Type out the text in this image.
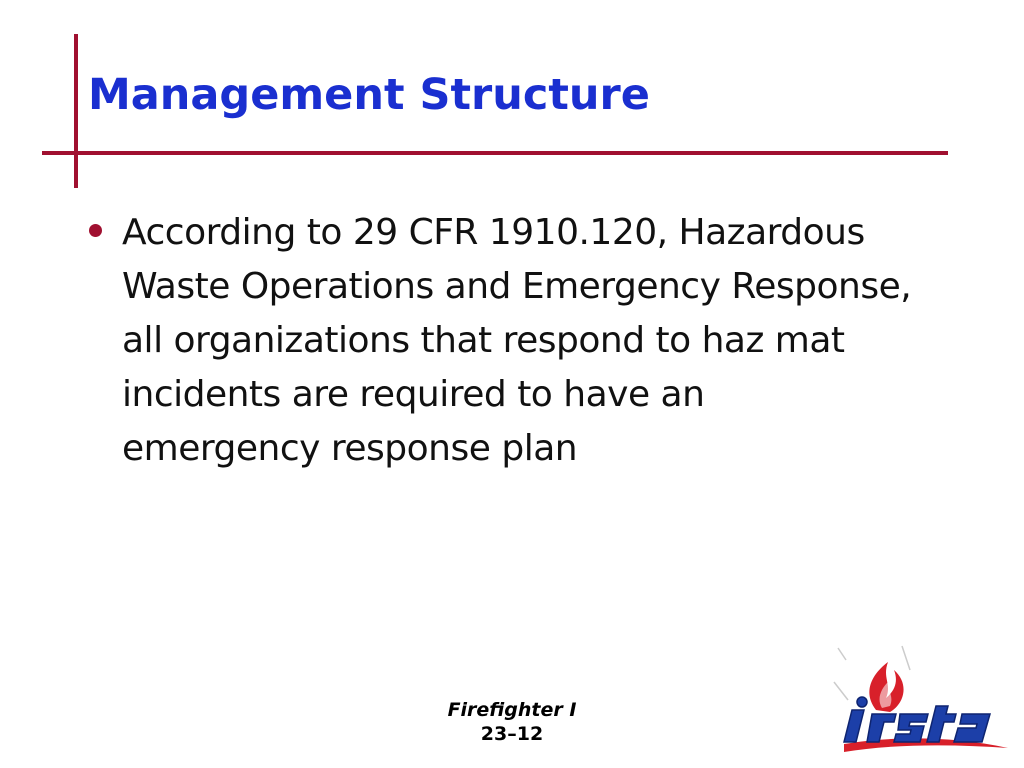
Management Structure
According to 29 CFR 1910.120, Hazardous Waste Operations and Emergency Response, all organizations that respond to haz mat incidents are required to have an emergency response plan
Firefighter I
23–12
